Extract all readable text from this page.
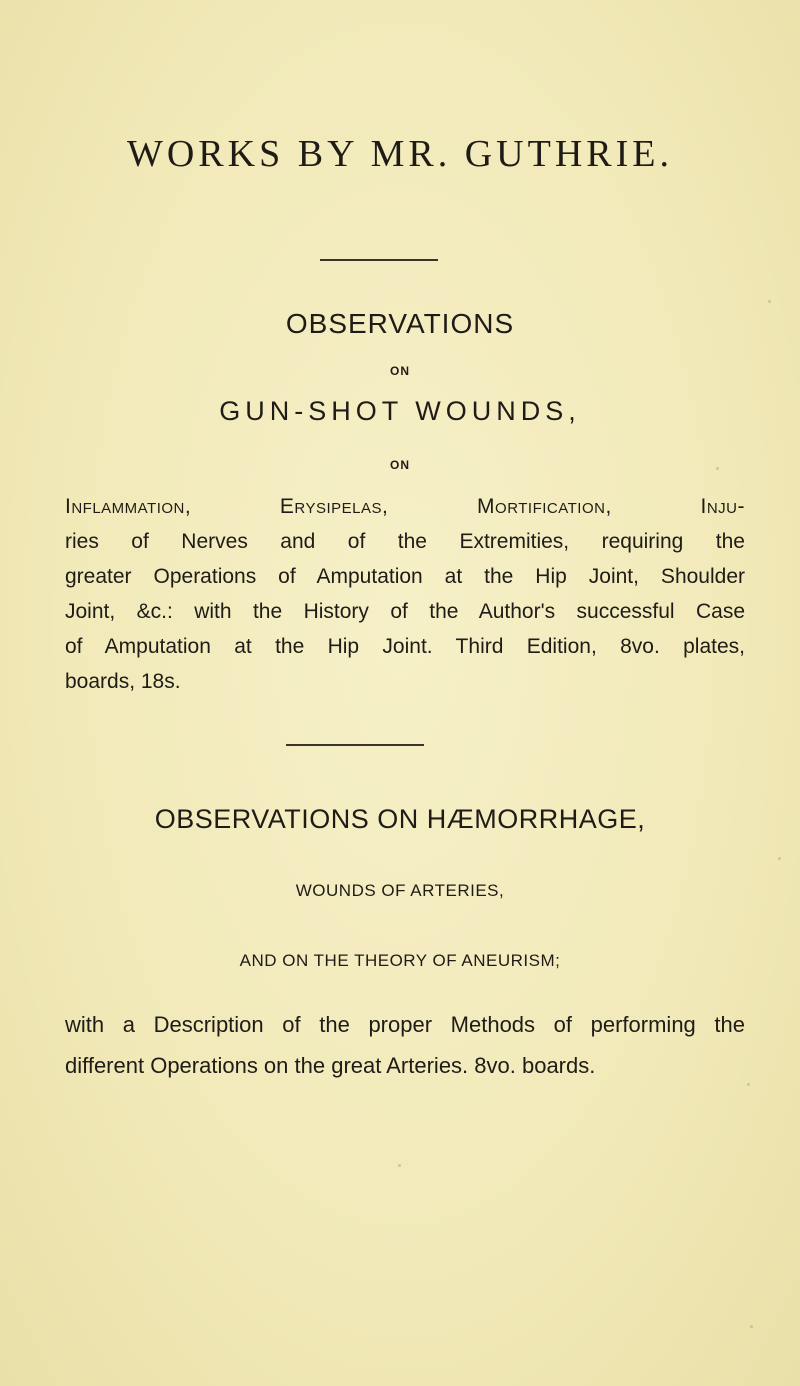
WORKS BY MR. GUTHRIE.
OBSERVATIONS
ON
GUN-SHOT WOUNDS,
ON
Inflammation, Erysipelas, Mortification, Inju-
ries of Nerves and of the Extremities, requiring the
greater Operations of Amputation at the Hip Joint, Shoulder
Joint, &c.: with the History of the Author's successful Case
of Amputation at the Hip Joint. Third Edition, 8vo. plates,
boards, 18s.
OBSERVATIONS ON HÆMORRHAGE,
WOUNDS OF ARTERIES,
AND ON THE THEORY OF ANEURISM;
with a Description of the proper Methods of performing the
different Operations on the great Arteries. 8vo. boards.
